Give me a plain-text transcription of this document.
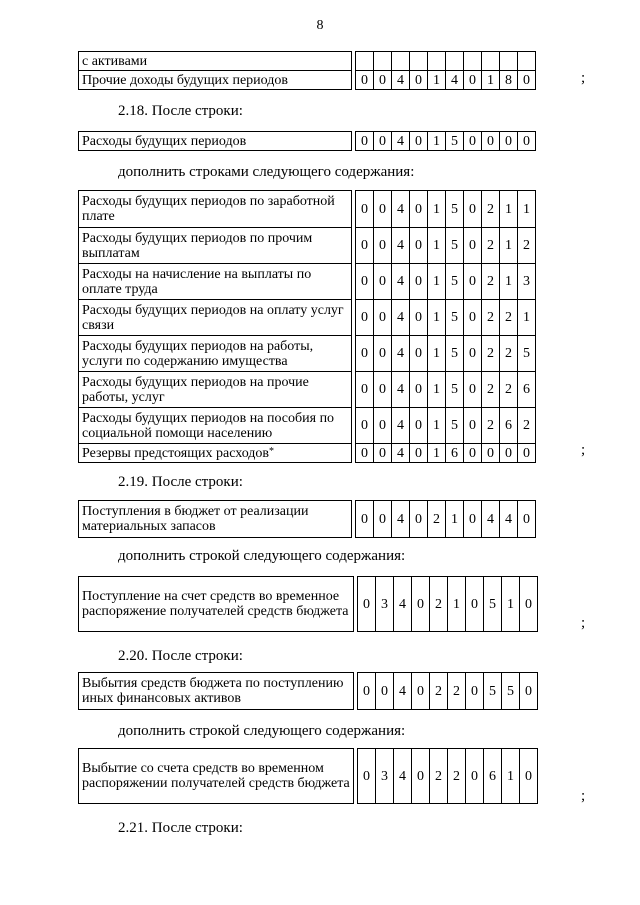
8
с активами											
Прочие доходы будущих периодов		0	0	4	0	1	4	0	1	8	0	;
2.18. После строки:
Расходы будущих периодов		0	0	4	0	1	5	0	0	0	0
дополнить строками следующего содержания:
Расходы будущих периодов по заработной плате		0	0	4	0	1	5	0	2	1	1
Расходы будущих периодов по прочим выплатам		0	0	4	0	1	5	0	2	1	2
Расходы на начисление на выплаты по оплате труда		0	0	4	0	1	5	0	2	1	3
Расходы будущих периодов на оплату услуг связи		0	0	4	0	1	5	0	2	2	1
Расходы будущих периодов на работы, услуги по содержанию имущества		0	0	4	0	1	5	0	2	2	5
Расходы будущих периодов на прочие работы, услуг		0	0	4	0	1	5	0	2	2	6
Расходы будущих периодов на пособия по социальной помощи населению		0	0	4	0	1	5	0	2	6	2
Резервы предстоящих расходов*		0	0	4	0	1	6	0	0	0	0	;
2.19. После строки:
Поступления в бюджет от реализации материальных запасов		0	0	4	0	2	1	0	4	4	0
дополнить строкой следующего содержания:
Поступление на счет средств во временное распоряжение получателей средств бюджета		0	3	4	0	2	1	0	5	1	0
;
2.20. После строки:
Выбытия средств бюджета по поступлению иных финансовых активов		0	0	4	0	2	2	0	5	5	0
дополнить строкой следующего содержания:
Выбытие со счета средств во временном распоряжении получателей средств бюджета		0	3	4	0	2	2	0	6	1	0
;
2.21. После строки:
